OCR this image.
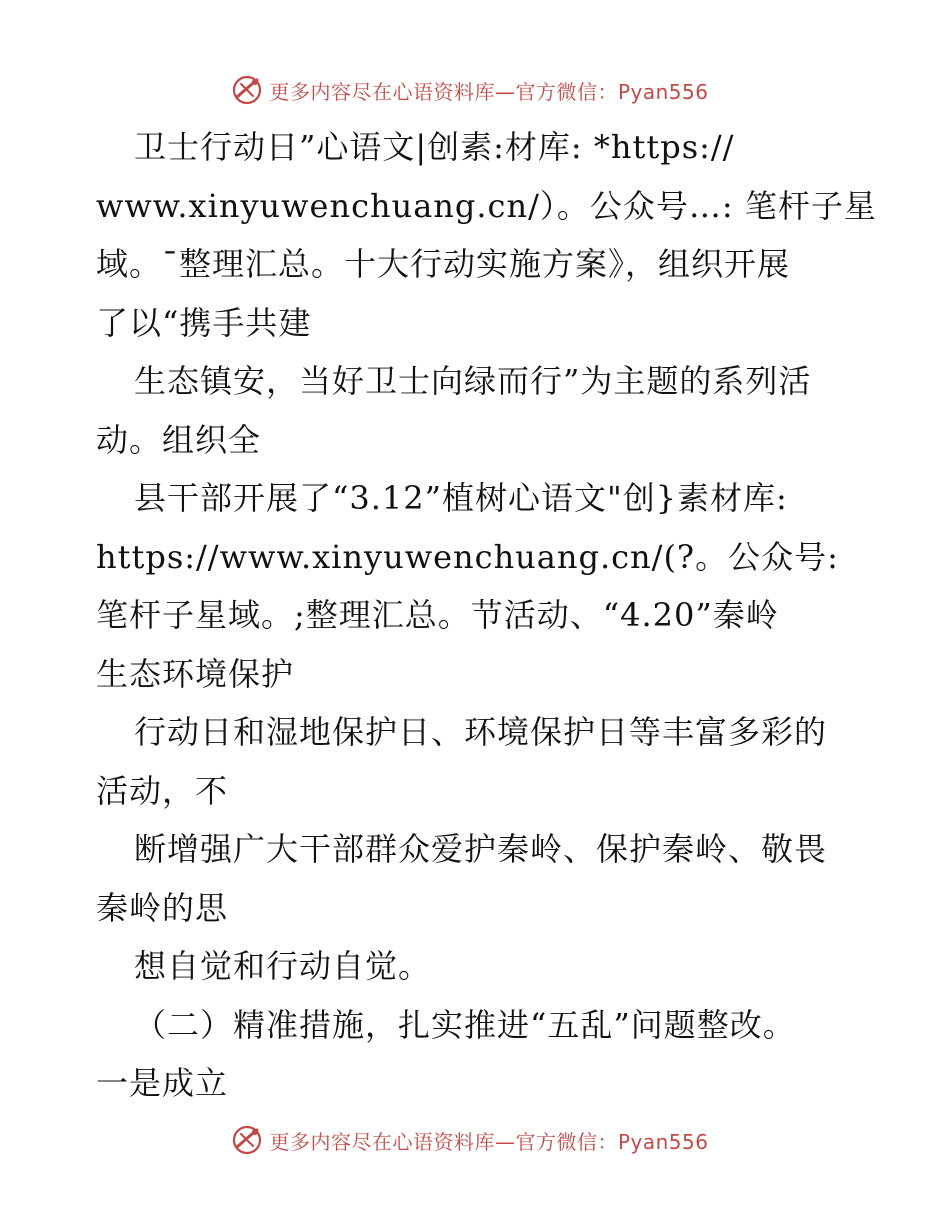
更多内容尽在心语资料库—官方微信：Pyan556
卫士行动日”心语文|创素:材库: *https://
www.xinyuwenchuang.cn/）。公众号…: 笔杆子星
域。¯整理汇总。十大行动实施方案》，组织开展
了以“携手共建
生态镇安，当好卫士向绿而行”为主题的系列活
动。组织全
县干部开展了“3.12”植树心语文"创}素材库:
https://www.xinyuwenchuang.cn/(?。公众号:
笔杆子星域。;整理汇总。节活动、“4.20”秦岭
生态环境保护
行动日和湿地保护日、环境保护日等丰富多彩的
活动，不
断增强广大干部群众爱护秦岭、保护秦岭、敬畏
秦岭的思
想自觉和行动自觉。
（二）精准措施，扎实推进“五乱”问题整改。
一是成立
更多内容尽在心语资料库—官方微信：Pyan556
